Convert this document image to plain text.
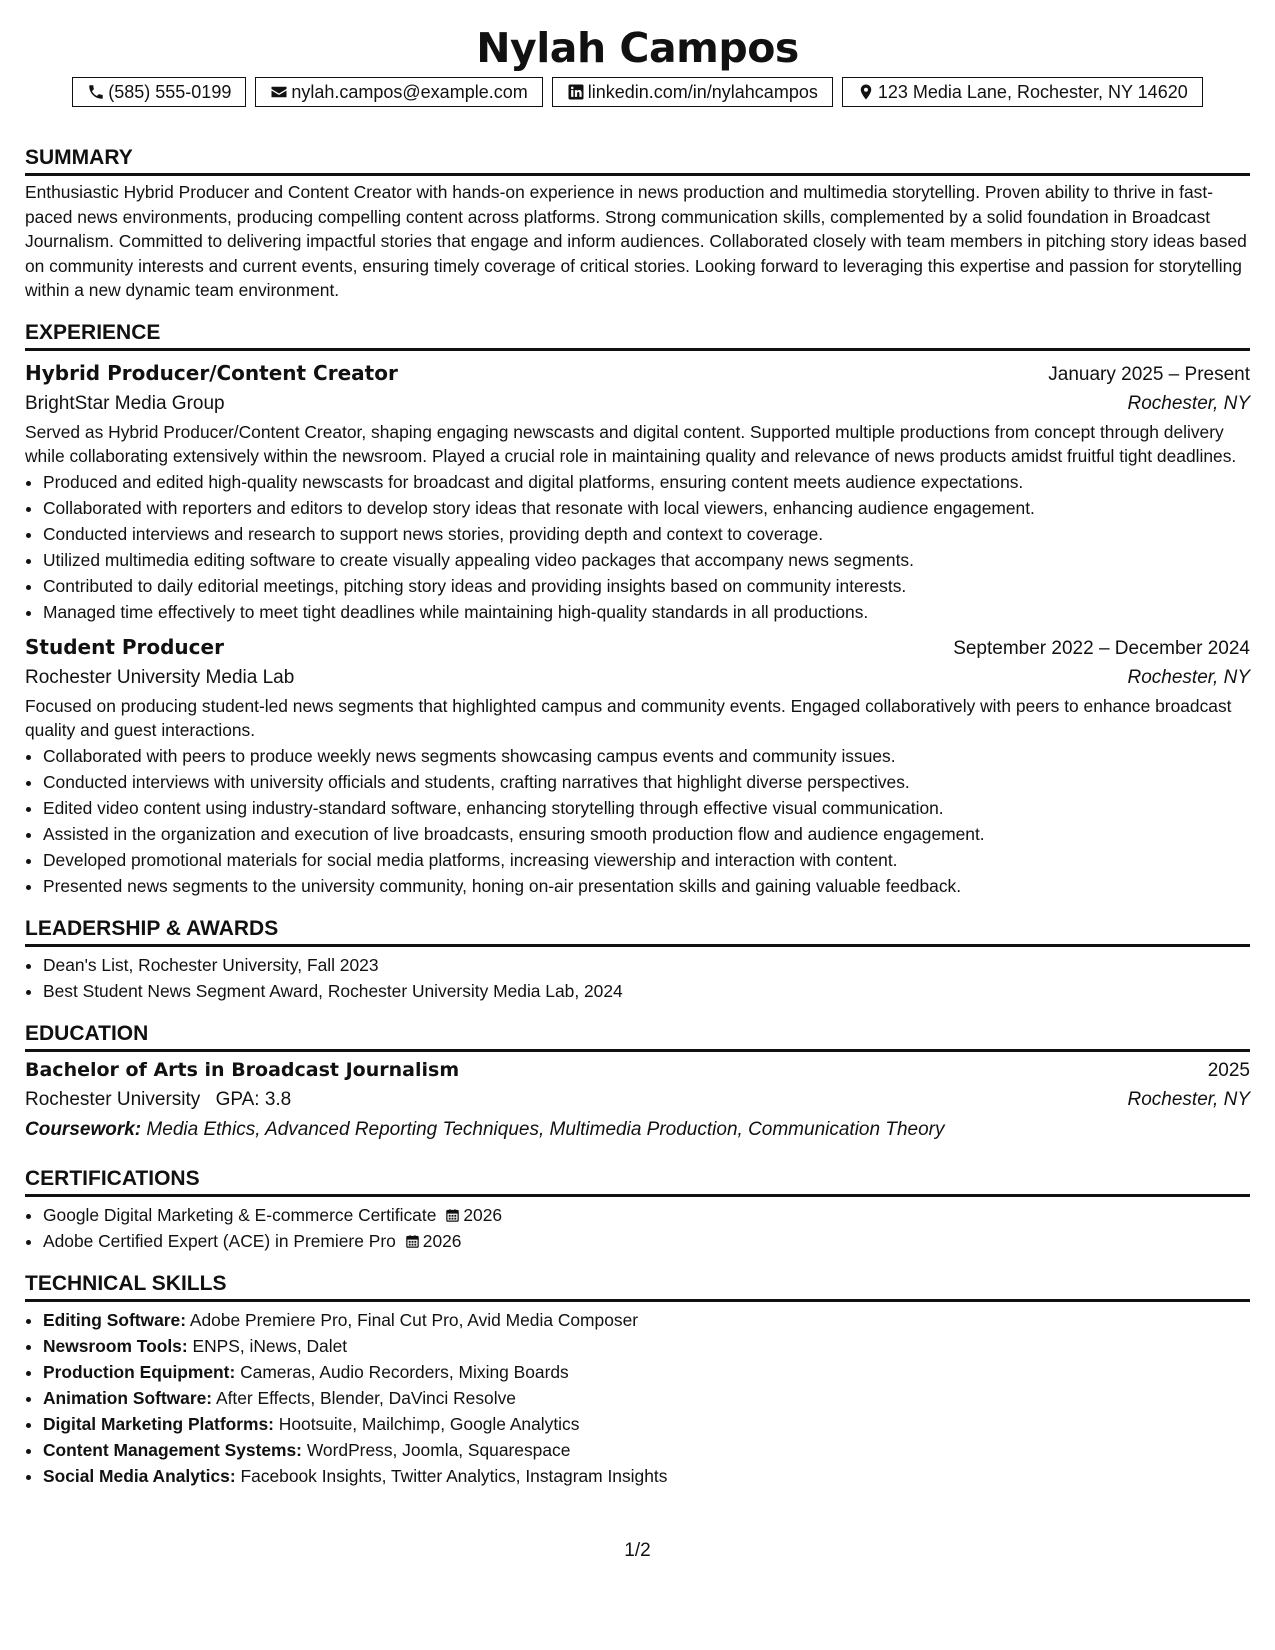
Nylah Campos
(585) 555-0199	nylah.campos@example.com	linkedin.com/in/nylahcampos	123 Media Lane, Rochester, NY 14620
SUMMARY

Enthusiastic Hybrid Producer and Content Creator with hands-on experience in news production and multimedia storytelling. Proven ability to thrive in fast-paced news environments, producing compelling content across platforms. Strong communication skills, complemented by a solid foundation in Broadcast Journalism. Committed to delivering impactful stories that engage and inform audiences. Collaborated closely with team members in pitching story ideas based on community interests and current events, ensuring timely coverage of critical stories. Looking forward to leveraging this expertise and passion for storytelling within a new dynamic team environment.

EXPERIENCE
Hybrid Producer/Content Creator	January 2025 – Present
BrightStar Media Group	Rochester, NY

Served as Hybrid Producer/Content Creator, shaping engaging newscasts and digital content. Supported multiple productions from concept through delivery while collaborating extensively within the newsroom. Played a crucial role in maintaining quality and relevance of news products amidst fruitful tight deadlines.

• Produced and edited high-quality newscasts for broadcast and digital platforms, ensuring content meets audience expectations.
• Collaborated with reporters and editors to develop story ideas that resonate with local viewers, enhancing audience engagement.
• Conducted interviews and research to support news stories, providing depth and context to coverage.
• Utilized multimedia editing software to create visually appealing video packages that accompany news segments.
• Contributed to daily editorial meetings, pitching story ideas and providing insights based on community interests.
• Managed time effectively to meet tight deadlines while maintaining high-quality standards in all productions.
Student Producer	September 2022 – December 2024
Rochester University Media Lab	Rochester, NY

Focused on producing student-led news segments that highlighted campus and community events. Engaged collaboratively with peers to enhance broadcast quality and guest interactions.

• Collaborated with peers to produce weekly news segments showcasing campus events and community issues.
• Conducted interviews with university officials and students, crafting narratives that highlight diverse perspectives.
• Edited video content using industry-standard software, enhancing storytelling through effective visual communication.
• Assisted in the organization and execution of live broadcasts, ensuring smooth production flow and audience engagement.
• Developed promotional materials for social media platforms, increasing viewership and interaction with content.
• Presented news segments to the university community, honing on-air presentation skills and gaining valuable feedback.
LEADERSHIP & AWARDS
• Dean's List, Rochester University, Fall 2023
• Best Student News Segment Award, Rochester University Media Lab, 2024
EDUCATION
Bachelor of Arts in Broadcast Journalism	2025
Rochester University GPA: 3.8	Rochester, NY
Coursework: Media Ethics, Advanced Reporting Techniques, Multimedia Production, Communication Theory
CERTIFICATIONS
• Google Digital Marketing & E-commerce Certificate 2026
• Adobe Certified Expert (ACE) in Premiere Pro 2026
TECHNICAL SKILLS
• Editing Software: Adobe Premiere Pro, Final Cut Pro, Avid Media Composer
• Newsroom Tools: ENPS, iNews, Dalet
• Production Equipment: Cameras, Audio Recorders, Mixing Boards
• Animation Software: After Effects, Blender, DaVinci Resolve
• Digital Marketing Platforms: Hootsuite, Mailchimp, Google Analytics
• Content Management Systems: WordPress, Joomla, Squarespace
• Social Media Analytics: Facebook Insights, Twitter Analytics, Instagram Insights
1/2
